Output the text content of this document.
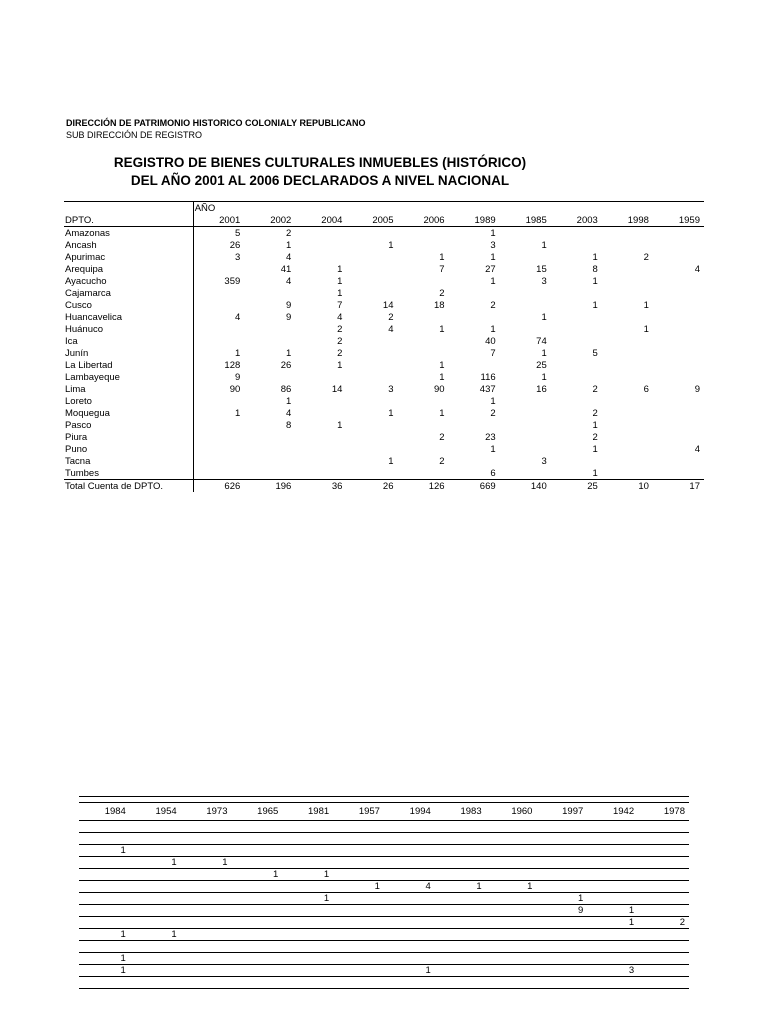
DIRECCIÓN DE PATRIMONIO HISTORICO COLONIALY REPUBLICANO
SUB DIRECCIÓN DE REGISTRO
REGISTRO DE BIENES CULTURALES INMUEBLES (HISTÓRICO)
DEL AÑO 2001 AL 2006 DECLARADOS A NIVEL NACIONAL
	AÑO									
DPTO.	2001	2002	2004	2005	2006	1989	1985	2003	1998	1959
Amazonas	5	2				1				
Ancash	26	1		1		3	1			
Apurimac	3	4			1	1		1	2	
Arequipa		41	1		7	27	15	8		4
Ayacucho	359	4	1			1	3	1		
Cajamarca			1		2					
Cusco		9	7	14	18	2		1	1	
Huancavelica	4	9	4	2			1			
Huánuco			2	4	1	1			1	
Ica			2			40	74			
Junín	1	1	2			7	1	5		
La Libertad	128	26	1		1		25			
Lambayeque	9				1	116	1			
Lima	90	86	14	3	90	437	16	2	6	9
Loreto		1				1				
Moquegua	1	4		1	1	2		2		
Pasco		8	1					1		
Piura					2	23		2		
Puno						1		1		4
Tacna				1	2		3			
Tumbes						6		1		
Total Cuenta de DPTO.	626	196	36	26	126	669	140	25	10	17

1984	1954	1973	1965	1981	1957	1994	1983	1960	1997	1942	1978

1											
	1	1									
			1	1							
					1	4	1	1			
				1					1		
									9	1	
										1	2
1	1										

1											
1						1				3	
